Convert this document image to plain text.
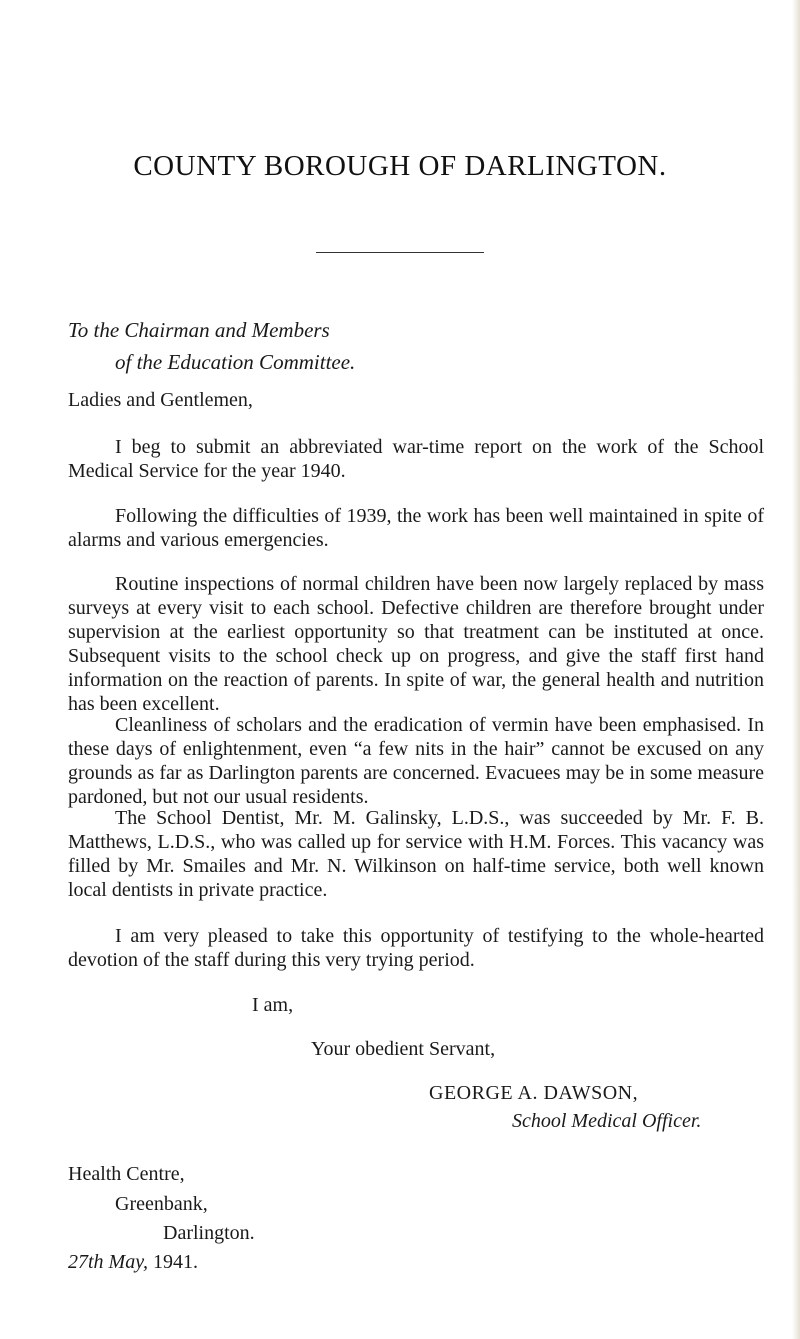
COUNTY BOROUGH OF DARLINGTON.
To the Chairman and Members
of the Education Committee.
Ladies and Gentlemen,

I beg to submit an abbreviated war-time report on the work of the School Medical Service for the year 1940.

Following the difficulties of 1939, the work has been well maintained in spite of alarms and various emergencies.

Routine inspections of normal children have been now largely replaced by mass surveys at every visit to each school. Defective children are therefore brought under supervision at the earliest opportunity so that treatment can be instituted at once. Subsequent visits to the school check up on progress, and give the staff first hand information on the reaction of parents. In spite of war, the general health and nutrition has been excellent.

Cleanliness of scholars and the eradication of vermin have been emphasised. In these days of enlightenment, even “a few nits in the hair” cannot be excused on any grounds as far as Darlington parents are concerned. Evacuees may be in some measure pardoned, but not our usual residents.

The School Dentist, Mr. M. Galinsky, L.D.S., was succeeded by Mr. F. B. Matthews, L.D.S., who was called up for service with H.M. Forces. This vacancy was filled by Mr. Smailes and Mr. N. Wilkinson on half-time service, both well known local dentists in private practice.

I am very pleased to take this opportunity of testifying to the whole-hearted devotion of the staff during this very trying period.

I am,
Your obedient Servant,
GEORGE A. DAWSON,
School Medical Officer.
Health Centre,
Greenbank,
Darlington.
27th May, 1941.
